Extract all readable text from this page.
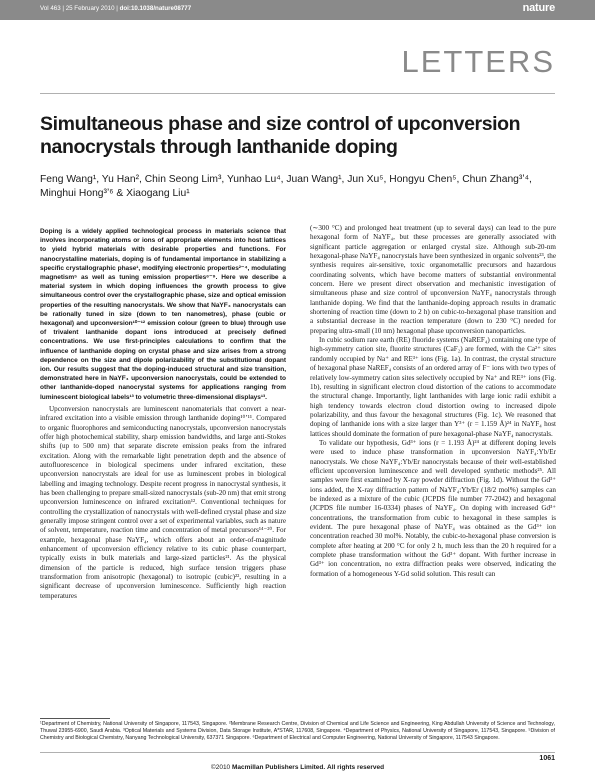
Vol 463 | 25 February 2010 | doi:10.1038/nature08777	nature
LETTERS
Simultaneous phase and size control of upconversion nanocrystals through lanthanide doping
Feng Wang¹, Yu Han², Chin Seong Lim³, Yunhao Lu⁴, Juan Wang¹, Jun Xu⁵, Hongyu Chen⁵, Chun Zhang³ʼ⁴, Minghui Hong³ʼ⁶ & Xiaogang Liu¹

Doping is a widely applied technological process in materials science that involves incorporating atoms or ions of appropriate elements into host lattices to yield hybrid materials with desirable properties and functions. For nanocrystalline materials, doping is of fundamental importance in stabilizing a specific crystallographic phase¹, modifying electronic properties²⁻⁴, modulating magnetism⁵ as well as tuning emission properties⁶⁻⁹. Here we describe a material system in which doping influences the growth process to give simultaneous control over the crystallographic phase, size and optical emission properties of the resulting nanocrystals. We show that NaYF₄ nanocrystals can be rationally tuned in size (down to ten nanometres), phase (cubic or hexagonal) and upconversion¹⁰⁻¹² emission colour (green to blue) through use of trivalent lanthanide dopant ions introduced at precisely defined concentrations. We use first-principles calculations to confirm that the influence of lanthanide doping on crystal phase and size arises from a strong dependence on the size and dipole polarizability of the substitutional dopant ion. Our results suggest that the doping-induced structural and size transition, demonstrated here in NaYF₄ upconversion nanocrystals, could be extended to other lanthanide-doped nanocrystal systems for applications ranging from luminescent biological labels¹³ to volumetric three-dimensional displays¹³.

Upconversion nanocrystals are luminescent nanomaterials that convert a near-infrared excitation into a visible emission through lanthanide doping¹⁰ʼ¹¹. Compared to organic fluorophores and semiconducting nanocrystals, upconversion nanocrystals offer high photochemical stability, sharp emission bandwidths, and large anti-Stokes shifts (up to 500 nm) that separate discrete emission peaks from the infrared excitation. Along with the remarkable light penetration depth and the absence of autofluorescence in biological specimens under infrared excitation, these upconversion nanocrystals are ideal for use as luminescent probes in biological labelling and imaging technology. Despite recent progress in nanocrystal synthesis, it has been challenging to prepare small-sized nanocrystals (sub-20 nm) that emit strong upconversion luminescence on infrared excitation¹². Conventional techniques for controlling the crystallization of nanocrystals with well-defined crystal phase and size generally impose stringent control over a set of experimental variables, such as nature of solvent, temperature, reaction time and concentration of metal precursors¹⁴⁻²⁰. For example, hexagonal phase NaYF₄, which offers about an order-of-magnitude enhancement of upconversion efficiency relative to its cubic phase counterpart, typically exists in bulk materials and large-sized particles²¹. As the physical dimension of the particle is reduced, high surface tension triggers phase transformation from anisotropic (hexagonal) to isotropic (cubic)²², resulting in a significant decrease of upconversion luminescence. Sufficiently high reaction temperatures

(∼300 °C) and prolonged heat treatment (up to several days) can lead to the pure hexagonal form of NaYF₄, but these processes are generally associated with significant particle aggregation or enlarged crystal size. Although sub-20-nm hexagonal-phase NaYF₄ nanocrystals have been synthesized in organic solvents²³, the synthesis requires air-sensitive, toxic organometallic precursors and hazardous coordinating solvents, which have become matters of substantial environmental concern. Here we present direct observation and mechanistic investigation of simultaneous phase and size control of upconversion NaYF₄ nanocrystals through lanthanide doping. We find that the lanthanide-doping approach results in dramatic shortening of reaction time (down to 2 h) on cubic-to-hexagonal phase transition and a substantial decrease in the reaction temperature (down to 230 °C) needed for preparing ultra-small (10 nm) hexagonal phase upconversion nanoparticles.

In cubic sodium rare earth (RE) fluoride systems (NaREF₄) containing one type of high-symmetry cation site, fluorite structures (CaF₂) are formed, with the Ca²⁺ sites randomly occupied by Na⁺ and RE³⁺ ions (Fig. 1a). In contrast, the crystal structure of hexagonal phase NaREF₄ consists of an ordered array of F⁻ ions with two types of relatively low-symmetry cation sites selectively occupied by Na⁺ and RE³⁺ ions (Fig. 1b), resulting in significant electron cloud distortion of the cations to accommodate the structural change. Importantly, light lanthanides with large ionic radii exhibit a high tendency towards electron cloud distortion owing to increased dipole polarizability, and thus favour the hexagonal structures (Fig. 1c). We reasoned that doping of lanthanide ions with a size larger than Y³⁺ (r = 1.159 Å)²⁴ in NaYF₄ host lattices should dominate the formation of pure hexagonal-phase NaYF₄ nanocrystals.

To validate our hypothesis, Gd³⁺ ions (r = 1.193 Å)²⁴ at different doping levels were used to induce phase transformation in upconversion NaYF₄:Yb/Er nanocrystals. We chose NaYF₄:Yb/Er nanocrystals because of their well-established efficient upconversion luminescence and well developed synthetic methods²⁵. All samples were first examined by X-ray powder diffraction (Fig. 1d). Without the Gd³⁺ ions added, the X-ray diffraction pattern of NaYF₄:Yb/Er (18/2 mol%) samples can be indexed as a mixture of the cubic (JCPDS file number 77-2042) and hexagonal (JCPDS file number 16-0334) phases of NaYF₄. On doping with increased Gd³⁺ concentrations, the transformation from cubic to hexagonal in these samples is evident. The pure hexagonal phase of NaYF₄ was obtained as the Gd³⁺ ion concentration reached 30 mol%. Notably, the cubic-to-hexagonal phase conversion is complete after heating at 200 °C for only 2 h, much less than the 20 h required for a complete phase transformation without the Gd³⁺ dopant. With further increase in Gd³⁺ ion concentration, no extra diffraction peaks were observed, indicating the formation of a homogeneous Y-Gd solid solution. This result can

¹Department of Chemistry, National University of Singapore, 117543, Singapore. ²Membrane Research Centre, Division of Chemical and Life Science and Engineering, King Abdullah University of Science and Technology, Thuwal 23955-6900, Saudi Arabia. ³Optical Materials and Systems Division, Data Storage Institute, A*STAR, 117608, Singapore. ⁴Department of Physics, National University of Singapore, 117543, Singapore. ⁵Division of Chemistry and Biological Chemistry, Nanyang Technological University, 637371 Singapore. ⁶Department of Electrical and Computer Engineering, National University of Singapore, 117543 Singapore.
1061
©2010 Macmillan Publishers Limited. All rights reserved
